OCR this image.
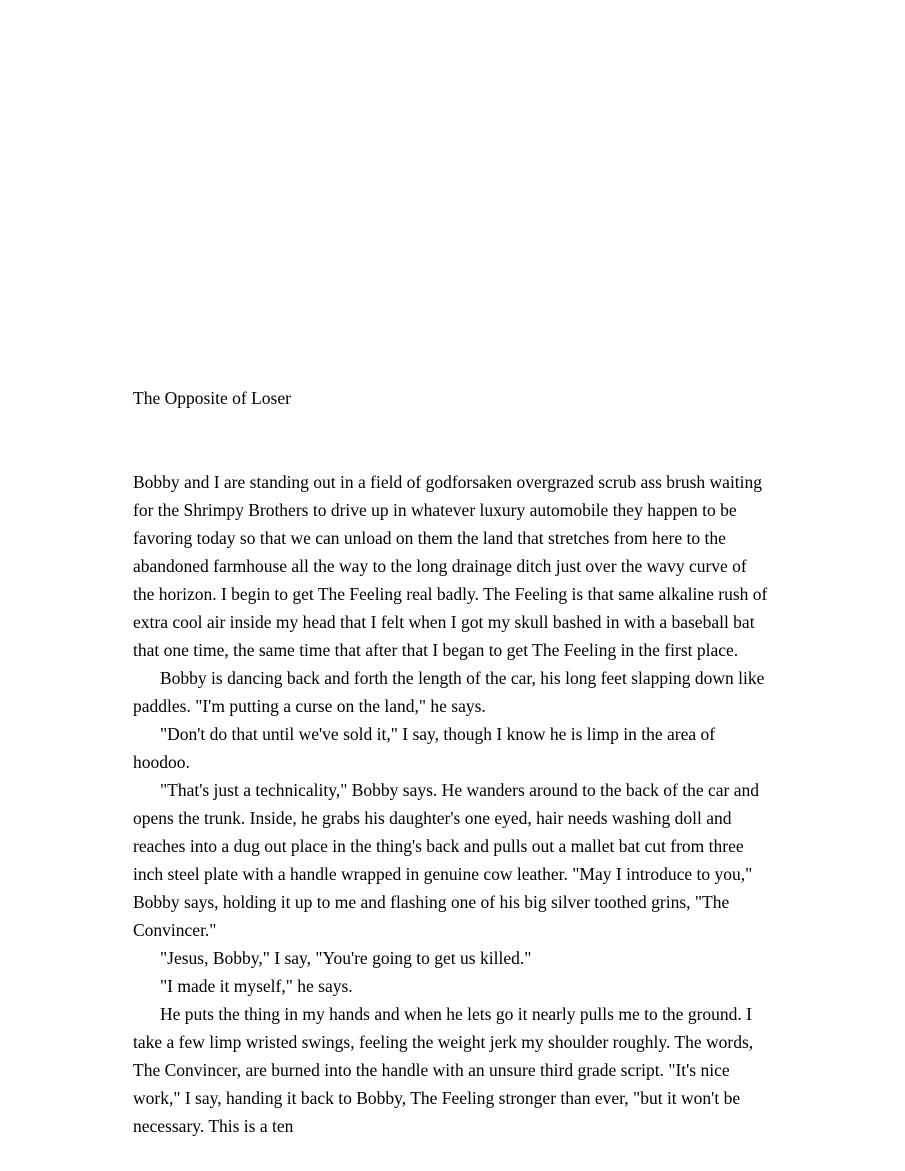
The Opposite of Loser

Bobby and I are standing out in a field of godforsaken overgrazed scrub ass brush waiting for the Shrimpy Brothers to drive up in whatever luxury automobile they happen to be favoring today so that we can unload on them the land that stretches from here to the abandoned farmhouse all the way to the long drainage ditch just over the wavy curve of the horizon. I begin to get The Feeling real badly. The Feeling is that same alkaline rush of extra cool air inside my head that I felt when I got my skull bashed in with a baseball bat that one time, the same time that after that I began to get The Feeling in the first place.

Bobby is dancing back and forth the length of the car, his long feet slapping down like paddles. "I'm putting a curse on the land," he says.

"Don't do that until we've sold it," I say, though I know he is limp in the area of hoodoo.

"That's just a technicality," Bobby says. He wanders around to the back of the car and opens the trunk. Inside, he grabs his daughter's one eyed, hair needs washing doll and reaches into a dug out place in the thing's back and pulls out a mallet bat cut from three inch steel plate with a handle wrapped in genuine cow leather. "May I introduce to you," Bobby says, holding it up to me and flashing one of his big silver toothed grins, "The Convincer."

"Jesus, Bobby," I say, "You're going to get us killed."

"I made it myself," he says.

He puts the thing in my hands and when he lets go it nearly pulls me to the ground. I take a few limp wristed swings, feeling the weight jerk my shoulder roughly. The words, The Convincer, are burned into the handle with an unsure third grade script. "It's nice work," I say, handing it back to Bobby, The Feeling stronger than ever, "but it won't be necessary. This is a ten
